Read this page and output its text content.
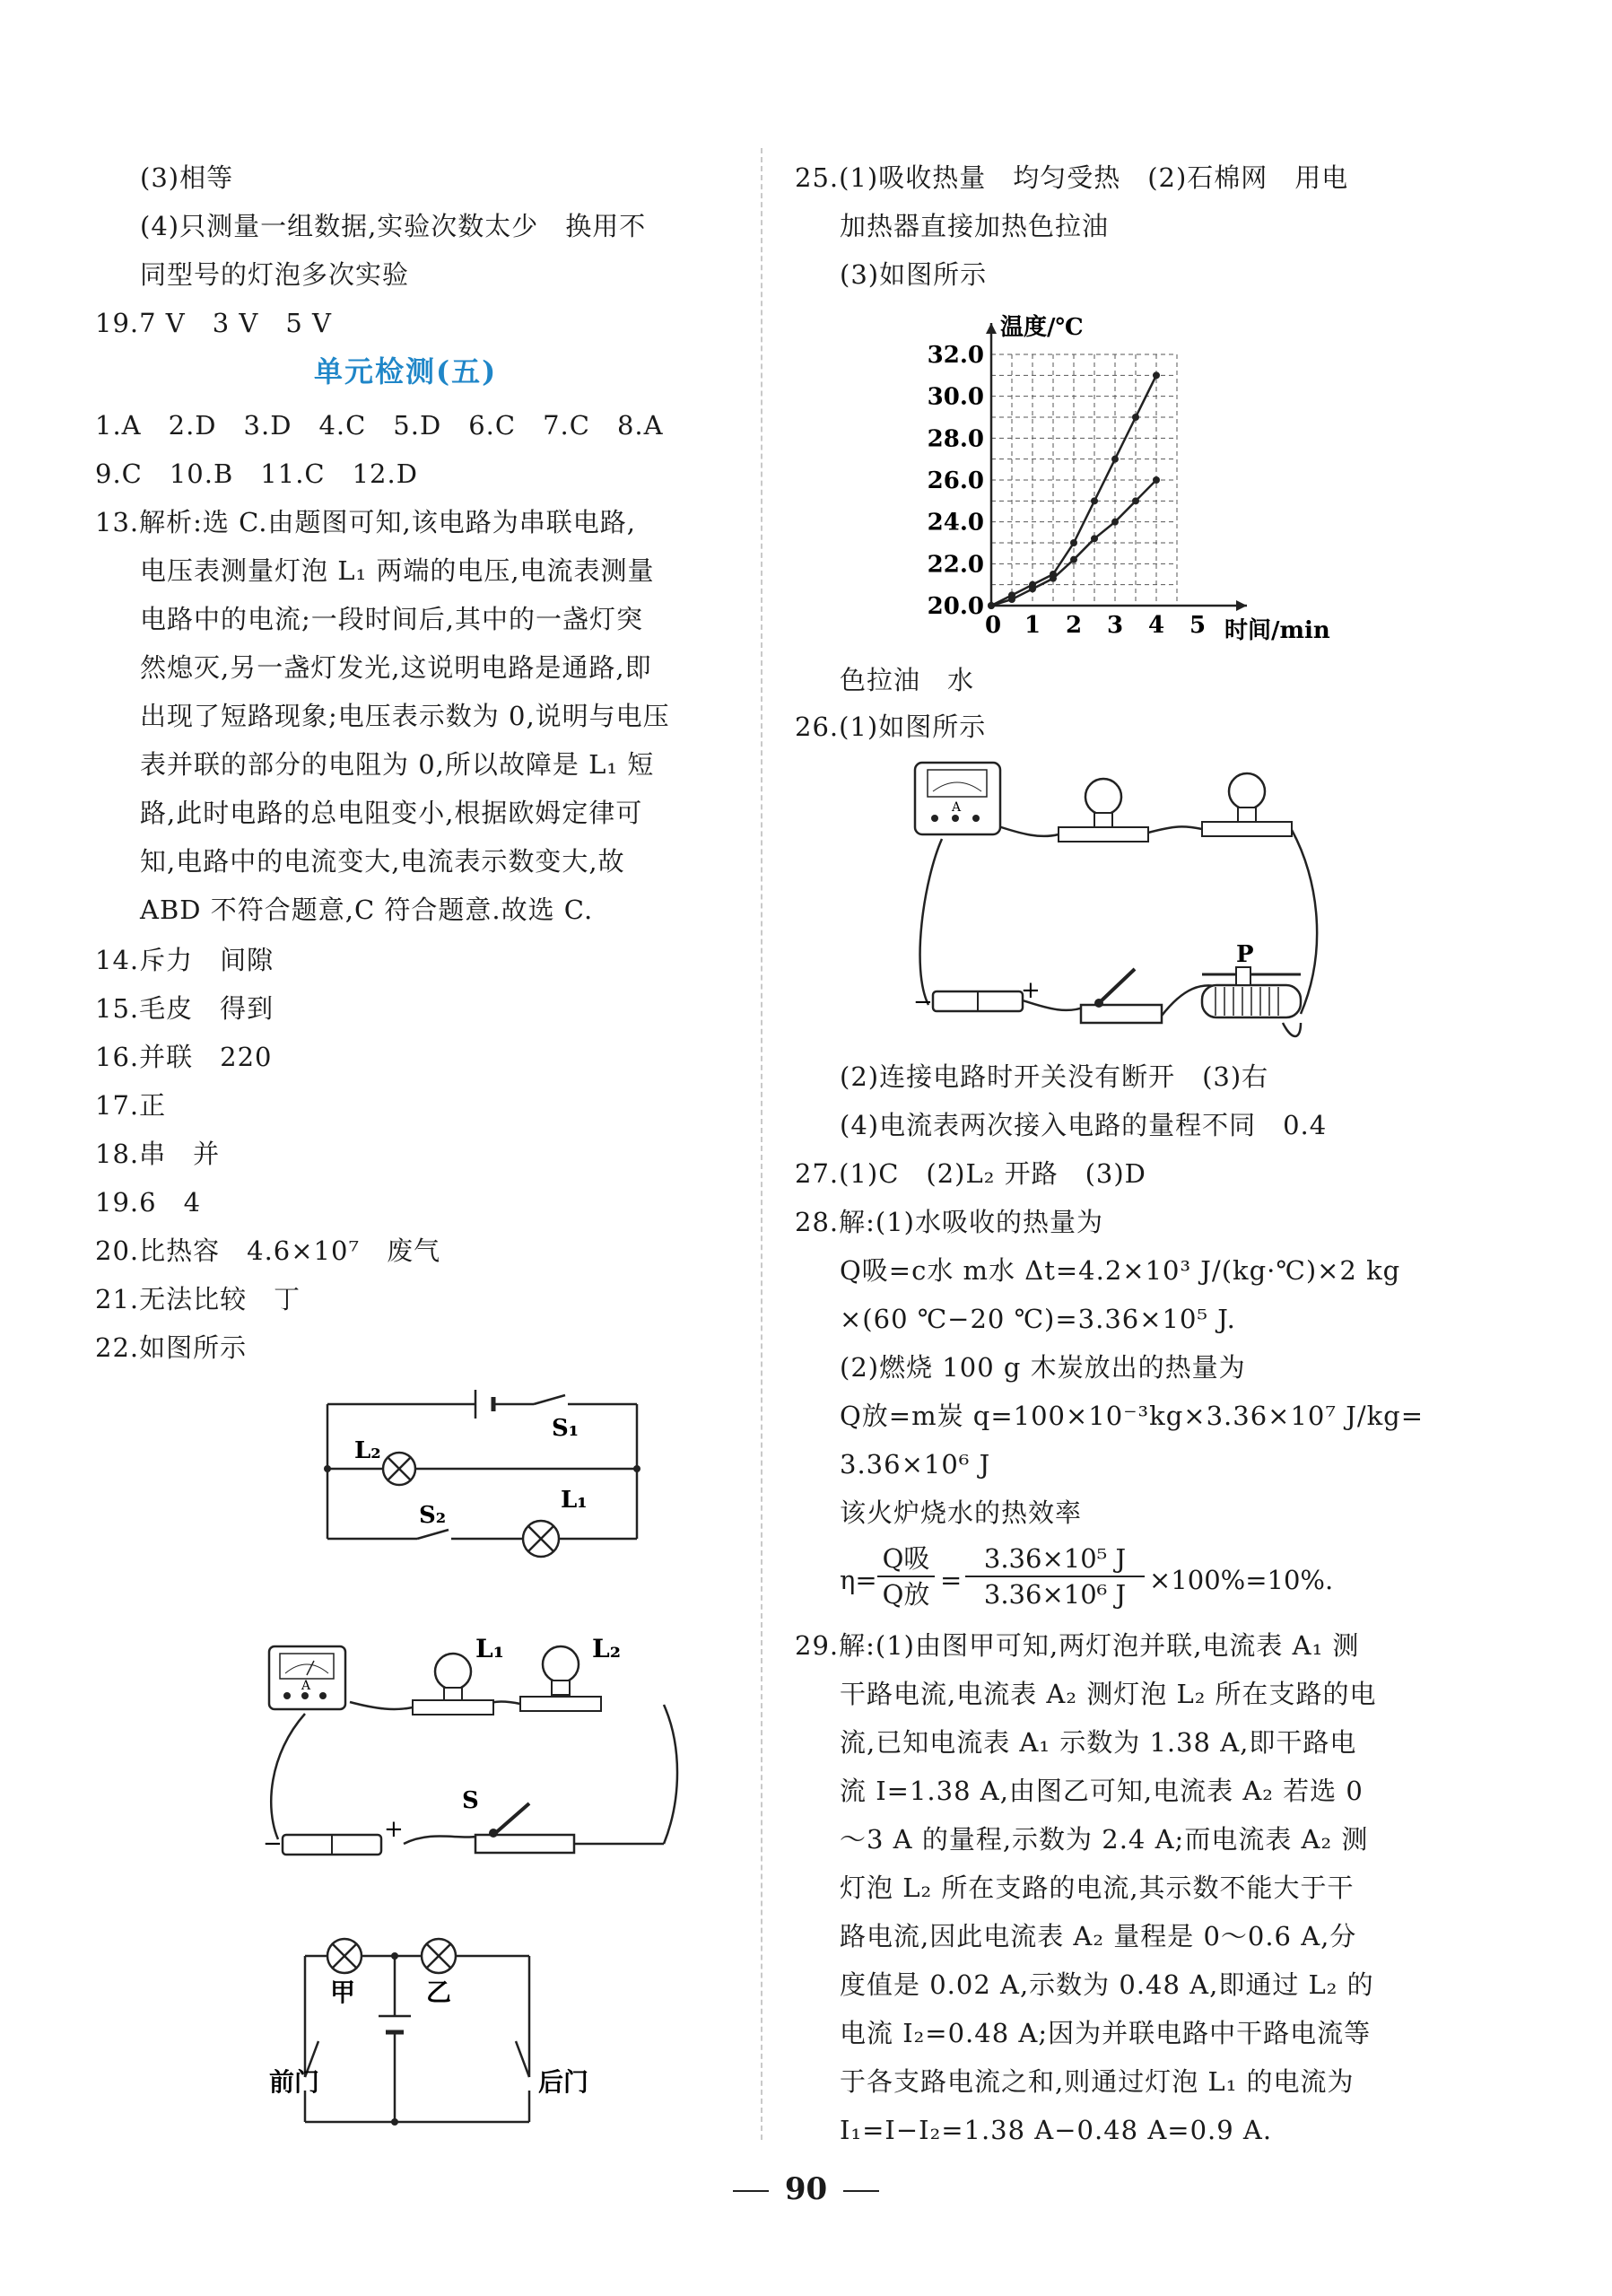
(3)相等
(4)只测量一组数据,实验次数太少　换用不
同型号的灯泡多次实验
19.7 V　3 V　5 V
单元检测(五)
1.A　2.D　3.D　4.C　5.D　6.C　7.C　8.A
9.C　10.B　11.C　12.D
13.解析:选 C.由题图可知,该电路为串联电路,
电压表测量灯泡 L₁ 两端的电压,电流表测量
电路中的电流;一段时间后,其中的一盏灯突
然熄灭,另一盏灯发光,这说明电路是通路,即
出现了短路现象;电压表示数为 0,说明与电压
表并联的部分的电阻为 0,所以故障是 L₁ 短
路,此时电路的总电阻变小,根据欧姆定律可
知,电路中的电流变大,电流表示数变大,故
ABD 不符合题意,C 符合题意.故选 C.
14.斥力　间隙
15.毛皮　得到
16.并联　220
17.正
18.串　并
19.6　4
20.比热容　4.6×10⁷　废气
21.无法比较　丁
22.如图所示
S₁
L₂
S₂
L₁
A
L₁	L₂
−
+
S
甲	乙
前门	后门
25.(1)吸收热量　均匀受热　(2)石棉网　用电
加热器直接加热色拉油
(3)如图所示
20.0
22.0
24.0
26.0
28.0
30.0
32.0
0 1 2 3 4 5
温度/℃
时间/min
色拉油　水
26.(1)如图所示
A
−	+
P
(2)连接电路时开关没有断开　(3)右
(4)电流表两次接入电路的量程不同　0.4
27.(1)C　(2)L₂ 开路　(3)D
28.解:(1)水吸收的热量为
Q吸=c水 m水 Δt=4.2×10³ J/(kg·℃)×2 kg
×(60 ℃−20 ℃)=3.36×10⁵ J.
(2)燃烧 100 g 木炭放出的热量为
Q放=m炭 q=100×10⁻³kg×3.36×10⁷ J/kg=
3.36×10⁶ J
该火炉烧水的热效率
η=
Q吸
Q放 =
3.36×10⁵ J
3.36×10⁶ J ×100%=10%.
29.解:(1)由图甲可知,两灯泡并联,电流表 A₁ 测
干路电流,电流表 A₂ 测灯泡 L₂ 所在支路的电
流,已知电流表 A₁ 示数为 1.38 A,即干路电
流 I=1.38 A,由图乙可知,电流表 A₂ 若选 0
～3 A 的量程,示数为 2.4 A;而电流表 A₂ 测
灯泡 L₂ 所在支路的电流,其示数不能大于干
路电流,因此电流表 A₂ 量程是 0～0.6 A,分
度值是 0.02 A,示数为 0.48 A,即通过 L₂ 的
电流 I₂=0.48 A;因为并联电路中干路电流等
于各支路电流之和,则通过灯泡 L₁ 的电流为
I₁=I−I₂=1.38 A−0.48 A=0.9 A.
90
